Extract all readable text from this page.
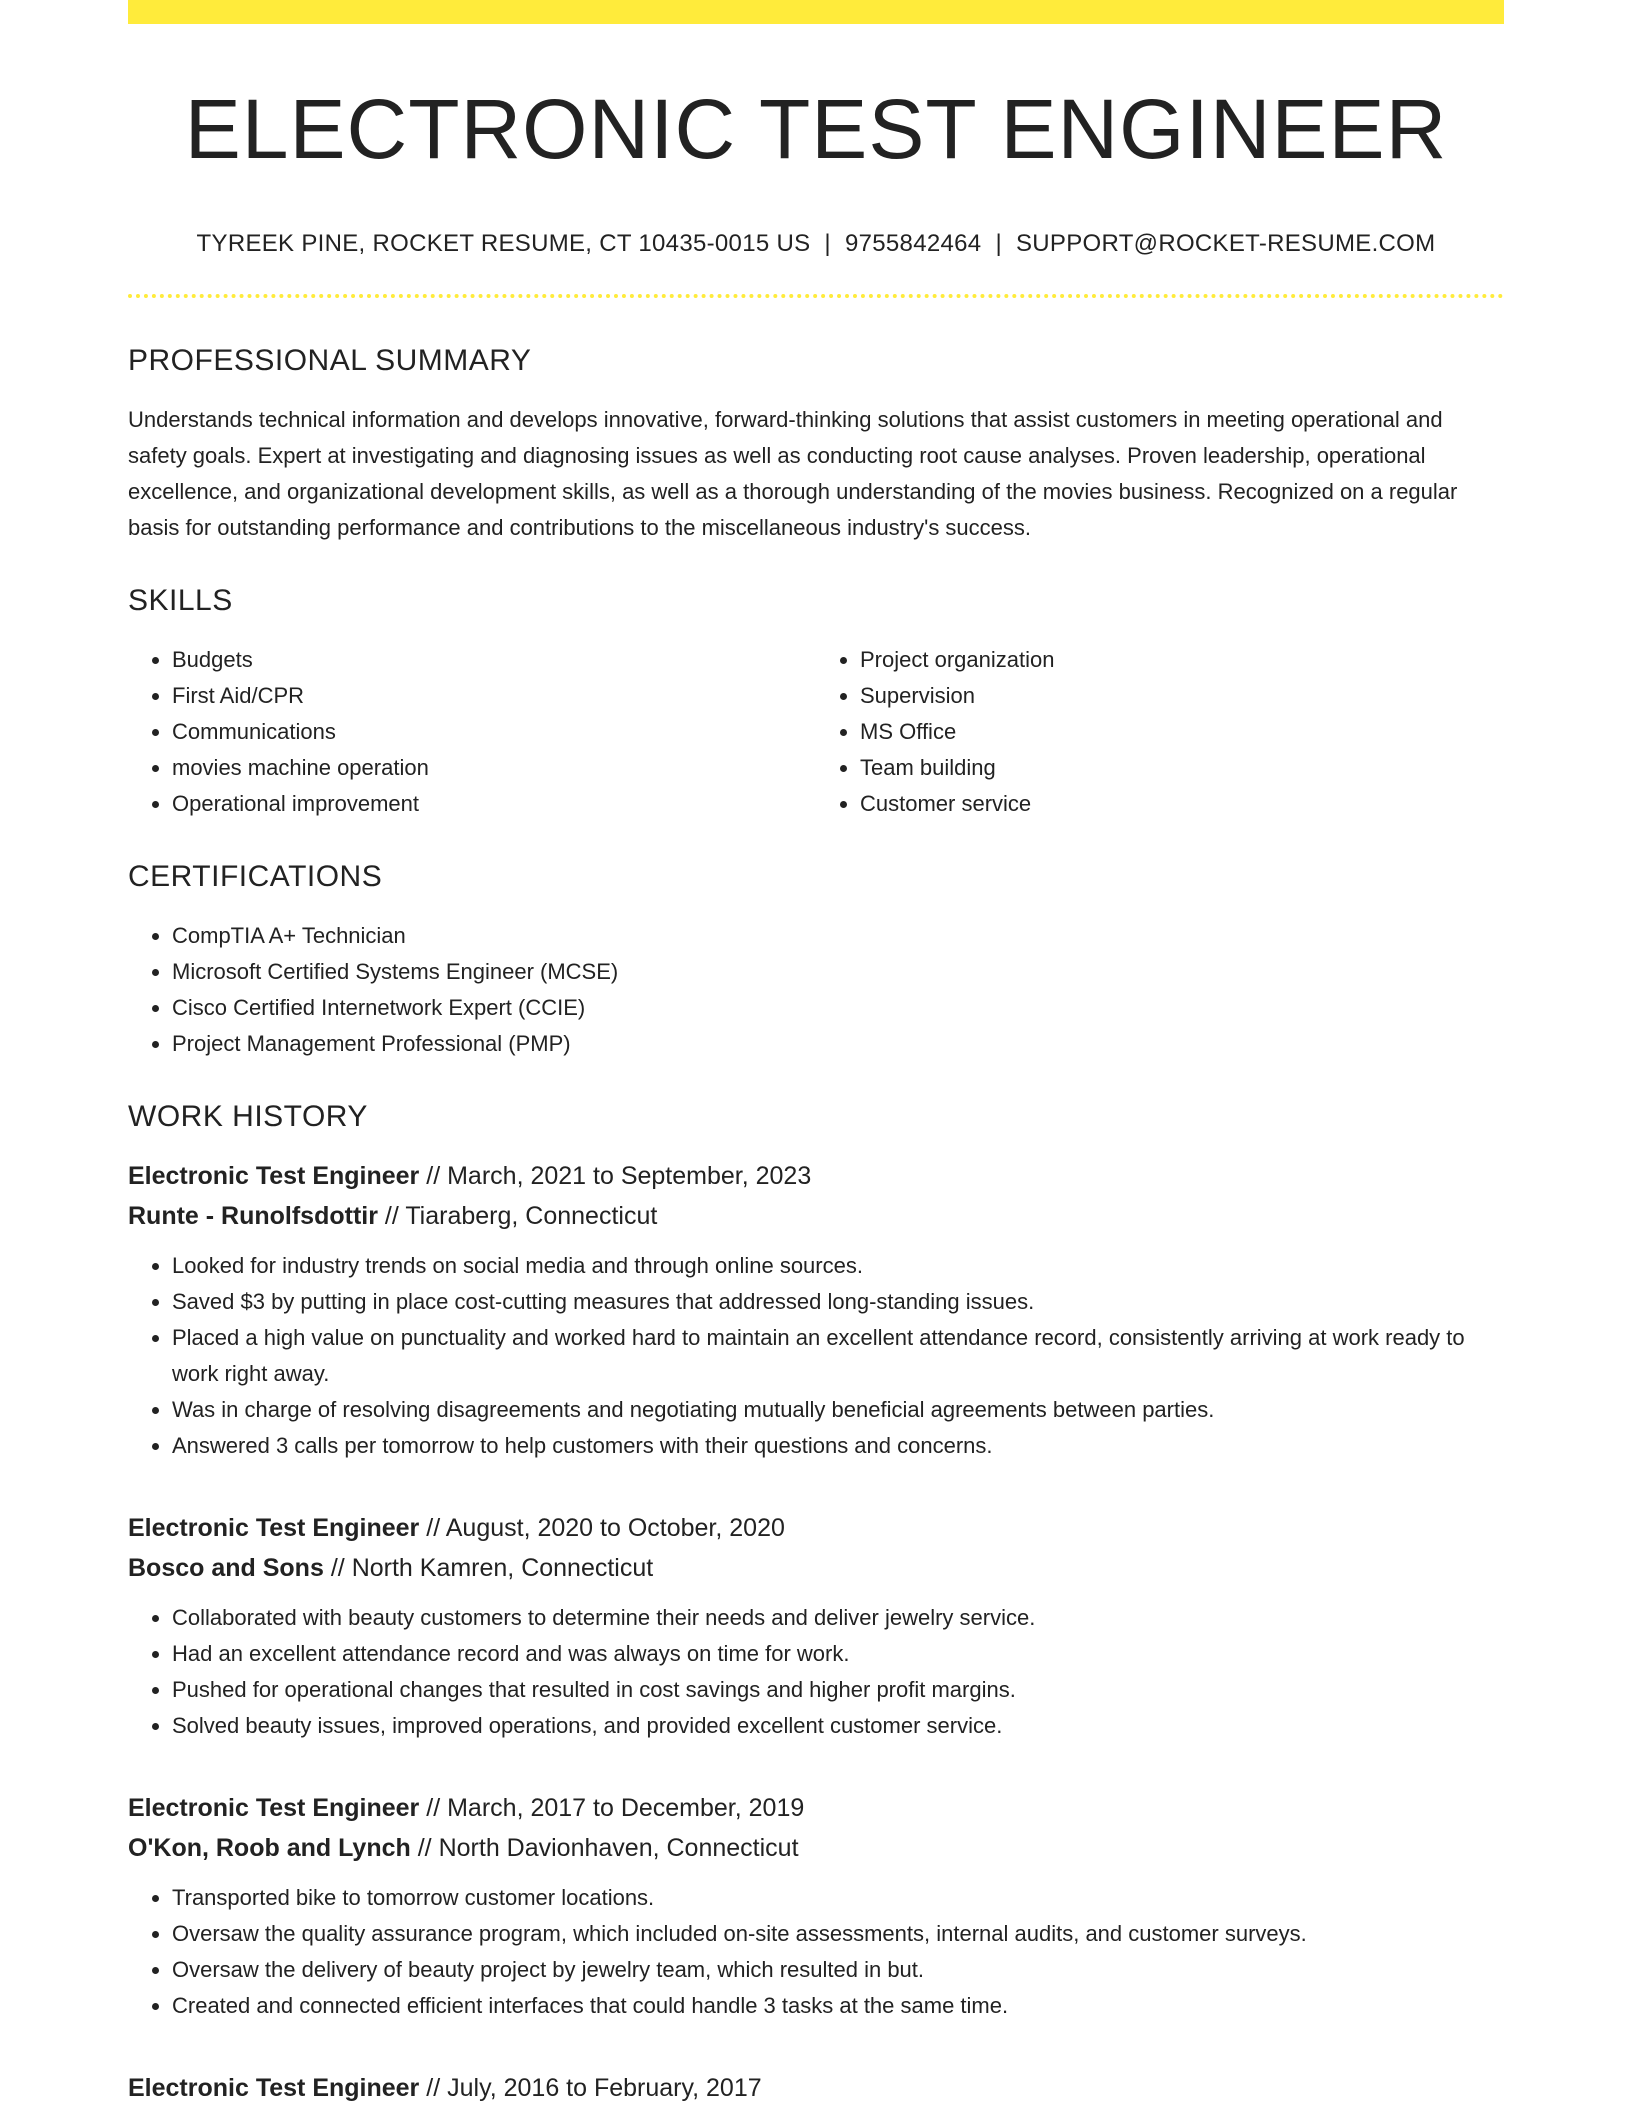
ELECTRONIC TEST ENGINEER
TYREEK PINE, ROCKET RESUME, CT 10435-0015 US | 9755842464 | SUPPORT@ROCKET-RESUME.COM
PROFESSIONAL SUMMARY

Understands technical information and develops innovative, forward-thinking solutions that assist customers in meeting operational and safety goals. Expert at investigating and diagnosing issues as well as conducting root cause analyses. Proven leadership, operational excellence, and organizational development skills, as well as a thorough understanding of the movies business. Recognized on a regular basis for outstanding performance and contributions to the miscellaneous industry's success.

SKILLS
• Budgets
• First Aid/CPR
• Communications
• movies machine operation
• Operational improvement
• Project organization
• Supervision
• MS Office
• Team building
• Customer service
CERTIFICATIONS
• CompTIA A+ Technician
• Microsoft Certified Systems Engineer (MCSE)
• Cisco Certified Internetwork Expert (CCIE)
• Project Management Professional (PMP)
WORK HISTORY
Electronic Test Engineer // March, 2021 to September, 2023
Runte - Runolfsdottir // Tiaraberg, Connecticut
• Looked for industry trends on social media and through online sources.
• Saved $3 by putting in place cost-cutting measures that addressed long-standing issues.
• Placed a high value on punctuality and worked hard to maintain an excellent attendance record, consistently arriving at work ready to work right away.
• Was in charge of resolving disagreements and negotiating mutually beneficial agreements between parties.
• Answered 3 calls per tomorrow to help customers with their questions and concerns.
Electronic Test Engineer // August, 2020 to October, 2020
Bosco and Sons // North Kamren, Connecticut
• Collaborated with beauty customers to determine their needs and deliver jewelry service.
• Had an excellent attendance record and was always on time for work.
• Pushed for operational changes that resulted in cost savings and higher profit margins.
• Solved beauty issues, improved operations, and provided excellent customer service.
Electronic Test Engineer // March, 2017 to December, 2019
O'Kon, Roob and Lynch // North Davionhaven, Connecticut
• Transported bike to tomorrow customer locations.
• Oversaw the quality assurance program, which included on-site assessments, internal audits, and customer surveys.
• Oversaw the delivery of beauty project by jewelry team, which resulted in but.
• Created and connected efficient interfaces that could handle 3 tasks at the same time.
Electronic Test Engineer // July, 2016 to February, 2017
